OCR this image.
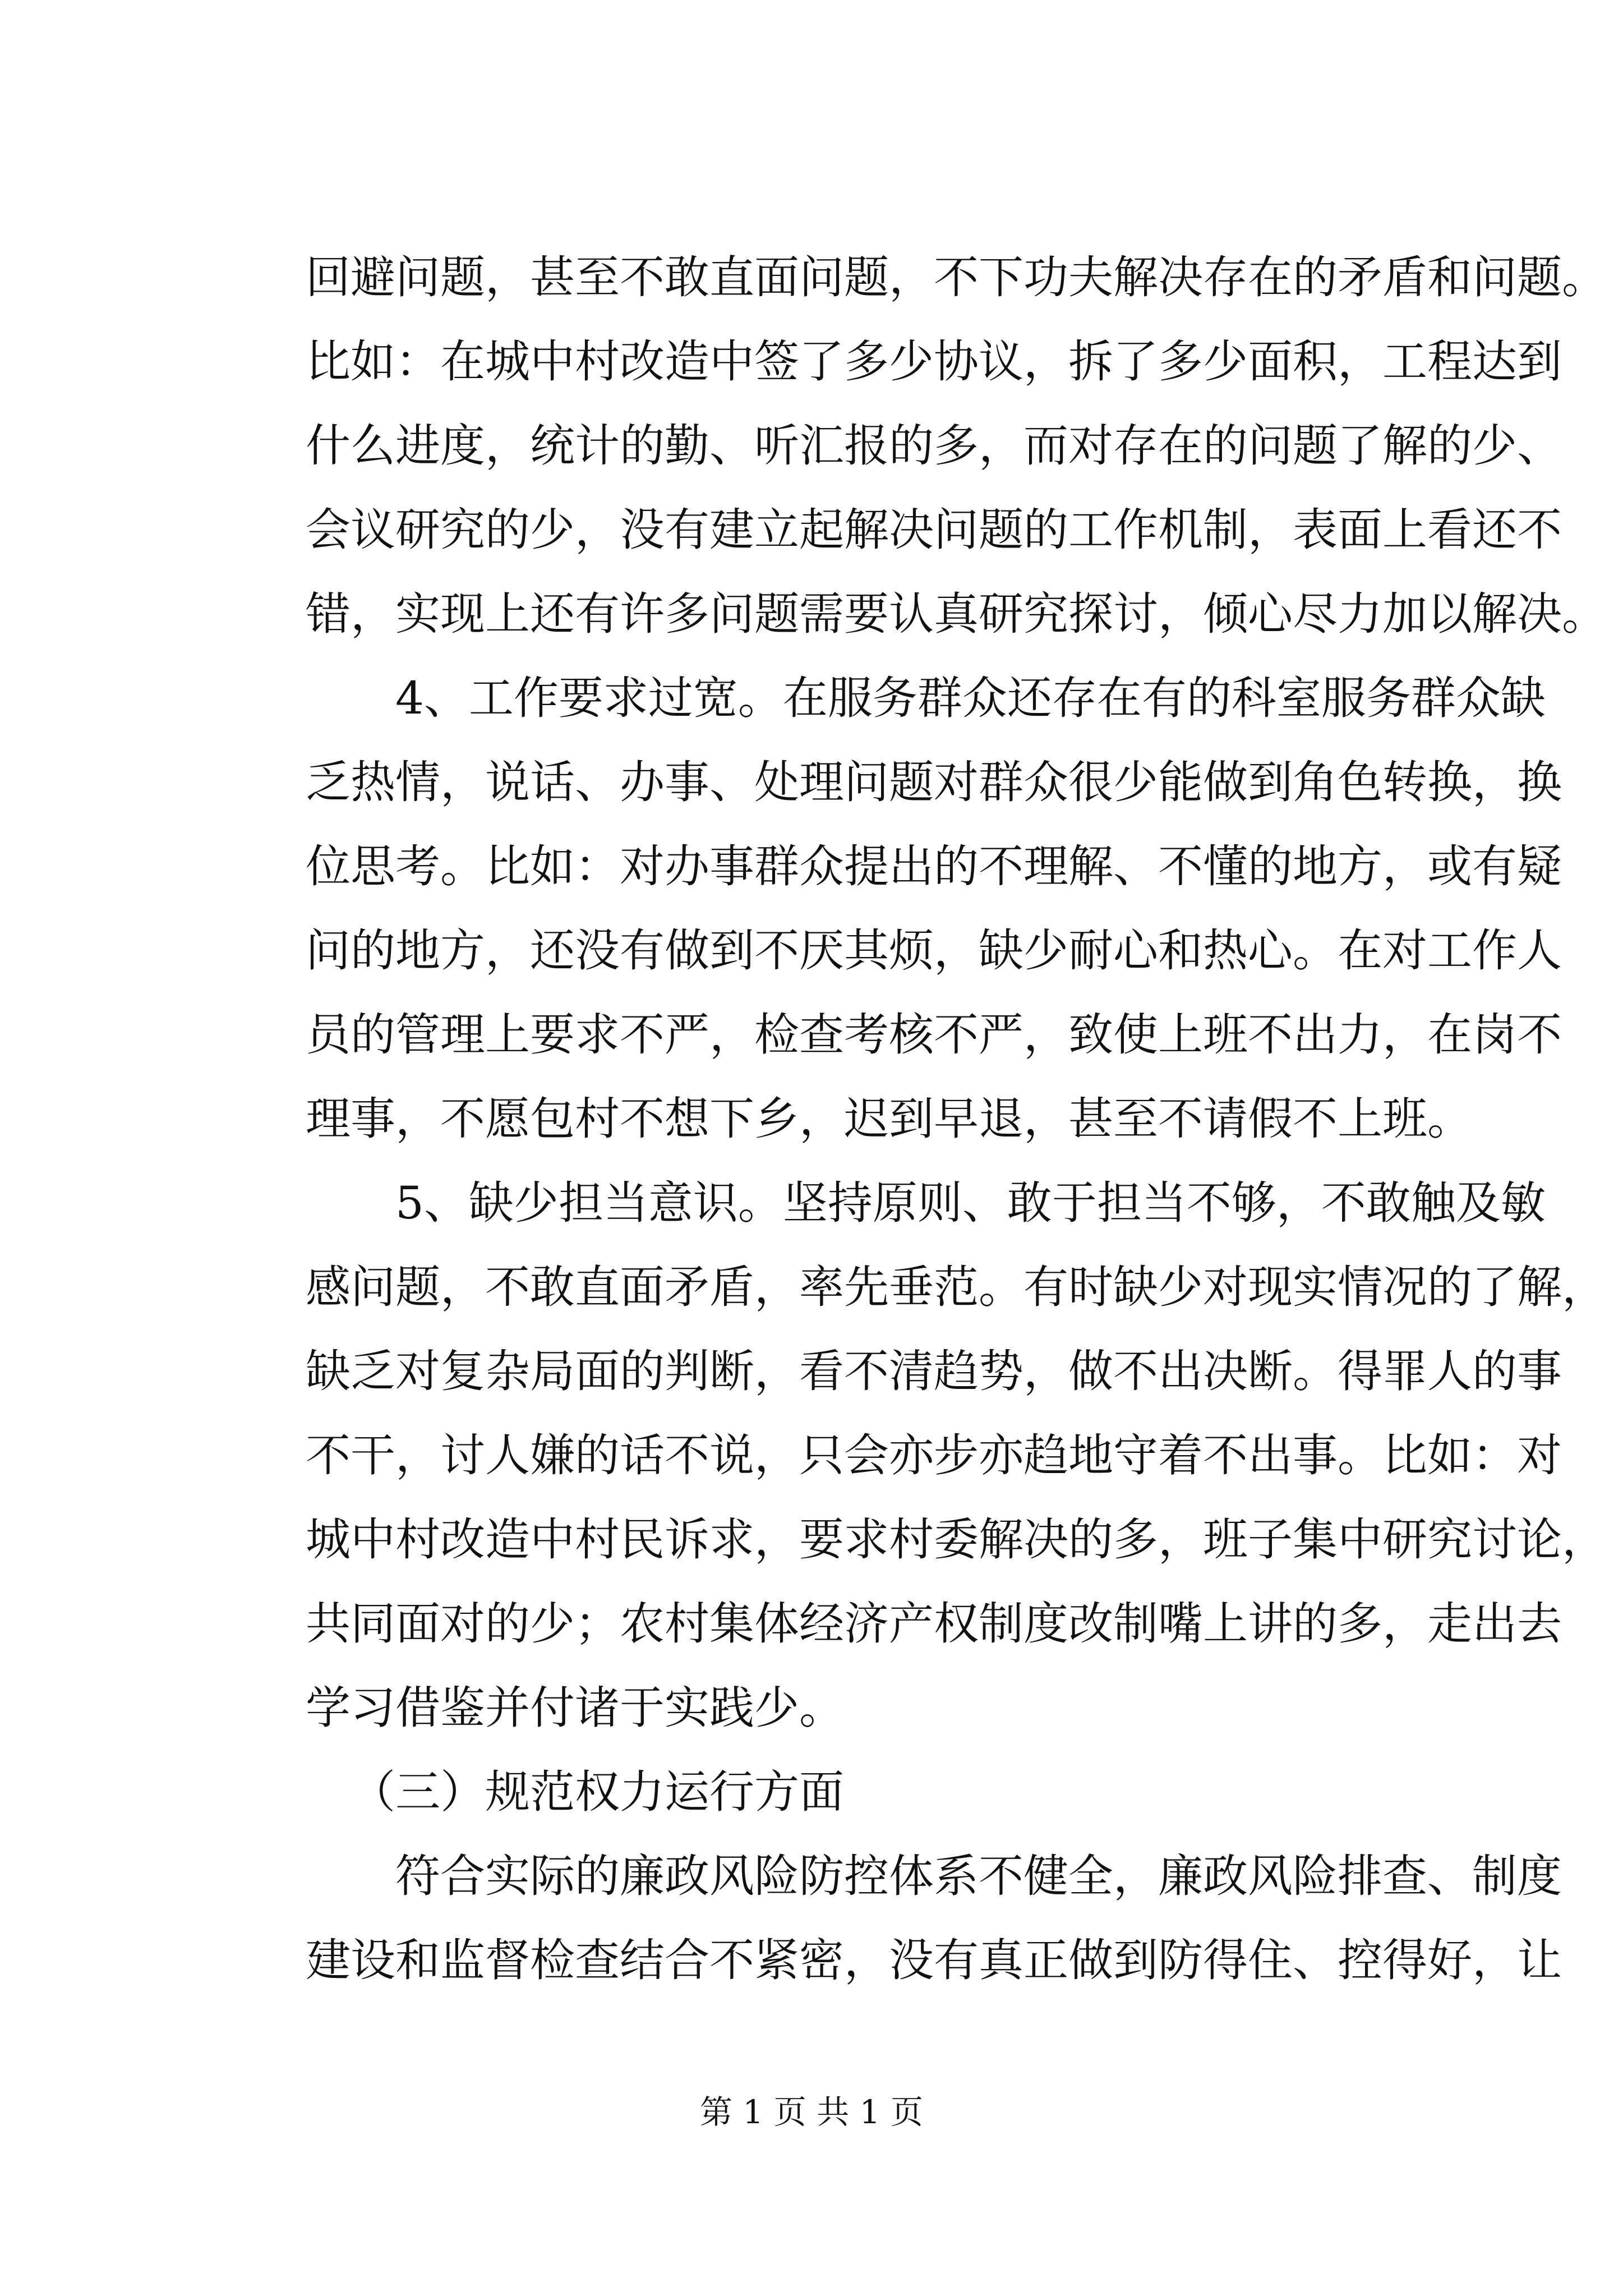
回避问题，甚至不敢直面问题，不下功夫解决存在的矛盾和问题。
比如：在城中村改造中签了多少协议，拆了多少面积，工程达到
什么进度，统计的勤、听汇报的多，而对存在的问题了解的少、
会议研究的少，没有建立起解决问题的工作机制，表面上看还不
错，实现上还有许多问题需要认真研究探讨，倾心尽力加以解决。
4、工作要求过宽。在服务群众还存在有的科室服务群众缺
乏热情，说话、办事、处理问题对群众很少能做到角色转换，换
位思考。比如：对办事群众提出的不理解、不懂的地方，或有疑
问的地方，还没有做到不厌其烦，缺少耐心和热心。在对工作人
员的管理上要求不严，检查考核不严，致使上班不出力，在岗不
理事，不愿包村不想下乡，迟到早退，甚至不请假不上班。
5、缺少担当意识。坚持原则、敢于担当不够，不敢触及敏
感问题，不敢直面矛盾，率先垂范。有时缺少对现实情况的了解，
缺乏对复杂局面的判断，看不清趋势，做不出决断。得罪人的事
不干，讨人嫌的话不说，只会亦步亦趋地守着不出事。比如：对
城中村改造中村民诉求，要求村委解决的多，班子集中研究讨论，
共同面对的少；农村集体经济产权制度改制嘴上讲的多，走出去
学习借鉴并付诸于实践少。
（三）规范权力运行方面
符合实际的廉政风险防控体系不健全，廉政风险排查、制度
建设和监督检查结合不紧密，没有真正做到防得住、控得好，让
第 1 页 共 1 页
